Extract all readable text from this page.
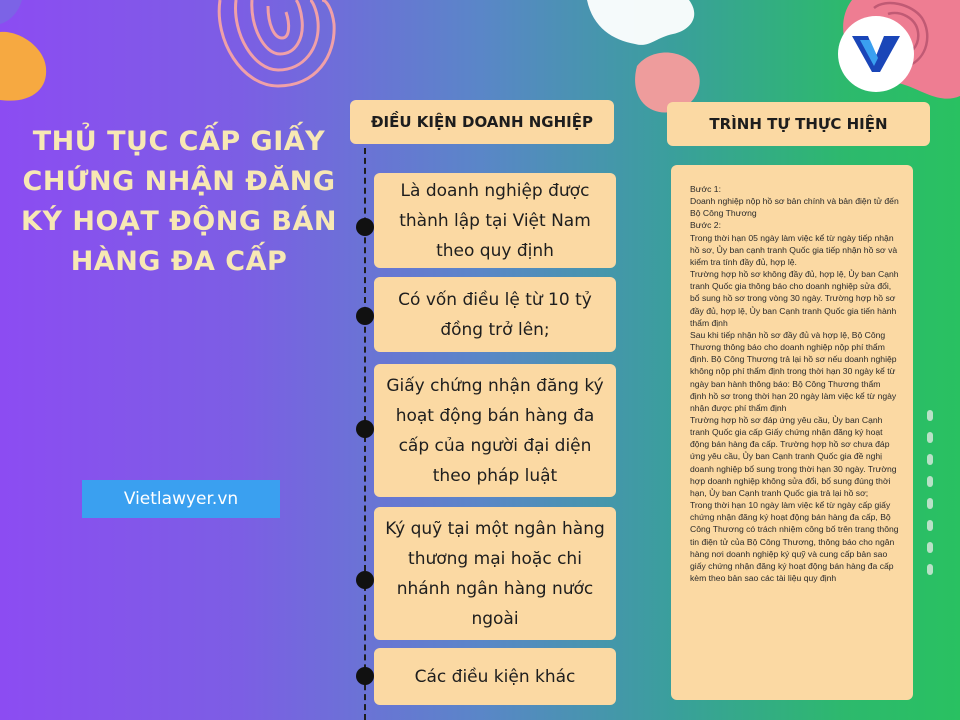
THỦ TỤC CẤP GIẤY CHỨNG NHẬN ĐĂNG KÝ HOẠT ĐỘNG BÁN HÀNG ĐA CẤP
Vietlawyer.vn
ĐIỀU KIỆN DOANH NGHIỆP	TRÌNH TỰ THỰC HIỆN
Là doanh nghiệp được thành lập tại Việt Nam theo quy định
Có vốn điều lệ từ 10 tỷ đồng trở lên;
Giấy chứng nhận đăng ký hoạt động bán hàng đa cấp của người đại diện theo pháp luật
Ký quỹ tại một ngân hàng thương mại hoặc chi nhánh ngân hàng nước ngoài
Các điều kiện khác
Bước 1:
Doanh nghiệp nộp hồ sơ bản chính và bản điện tử đến Bộ Công Thương
Bước 2:
Trong thời hạn 05 ngày làm việc kể từ ngày tiếp nhận hồ sơ, Ủy ban cạnh tranh Quốc gia tiếp nhận hồ sơ và kiểm tra tính đầy đủ, hợp lệ.
Trường hợp hồ sơ không đầy đủ, hợp lệ, Ủy ban Cạnh tranh Quốc gia thông báo cho doanh nghiệp sửa đổi, bổ sung hồ sơ trong vòng 30 ngày. Trường hợp hồ sơ đầy đủ, hợp lệ, Ủy ban Cạnh tranh Quốc gia tiến hành thẩm định
Sau khi tiếp nhận hồ sơ đầy đủ và hợp lệ, Bộ Công Thương thông báo cho doanh nghiệp nộp phí thẩm định. Bộ Công Thương trả lại hồ sơ nếu doanh nghiệp không nộp phí thẩm định trong thời hạn 30 ngày kể từ ngày ban hành thông báo: Bộ Công Thương thẩm định hồ sơ trong thời hạn 20 ngày làm việc kể từ ngày nhận được phí thẩm định
Trường hợp hồ sơ đáp ứng yêu cầu, Ủy ban Cạnh tranh Quốc gia cấp Giấy chứng nhận đăng ký hoạt động bán hàng đa cấp. Trường hợp hồ sơ chưa đáp ứng yêu cầu, Ủy ban Cạnh tranh Quốc gia đề nghị doanh nghiệp bổ sung trong thời hạn 30 ngày. Trường hợp doanh nghiệp không sửa đổi, bổ sung đúng thời hạn, Ủy ban Cạnh tranh Quốc gia trả lại hồ sơ;
Trong thời hạn 10 ngày làm việc kể từ ngày cấp giấy chứng nhận đăng ký hoạt động bán hàng đa cấp, Bộ Công Thương có trách nhiệm công bố trên trang thông tin điện tử của Bộ Công Thương, thông báo cho ngân hàng nơi doanh nghiệp ký quỹ và cung cấp bản sao giấy chứng nhận đăng ký hoạt động bán hàng đa cấp kèm theo bản sao các tài liệu quy định
